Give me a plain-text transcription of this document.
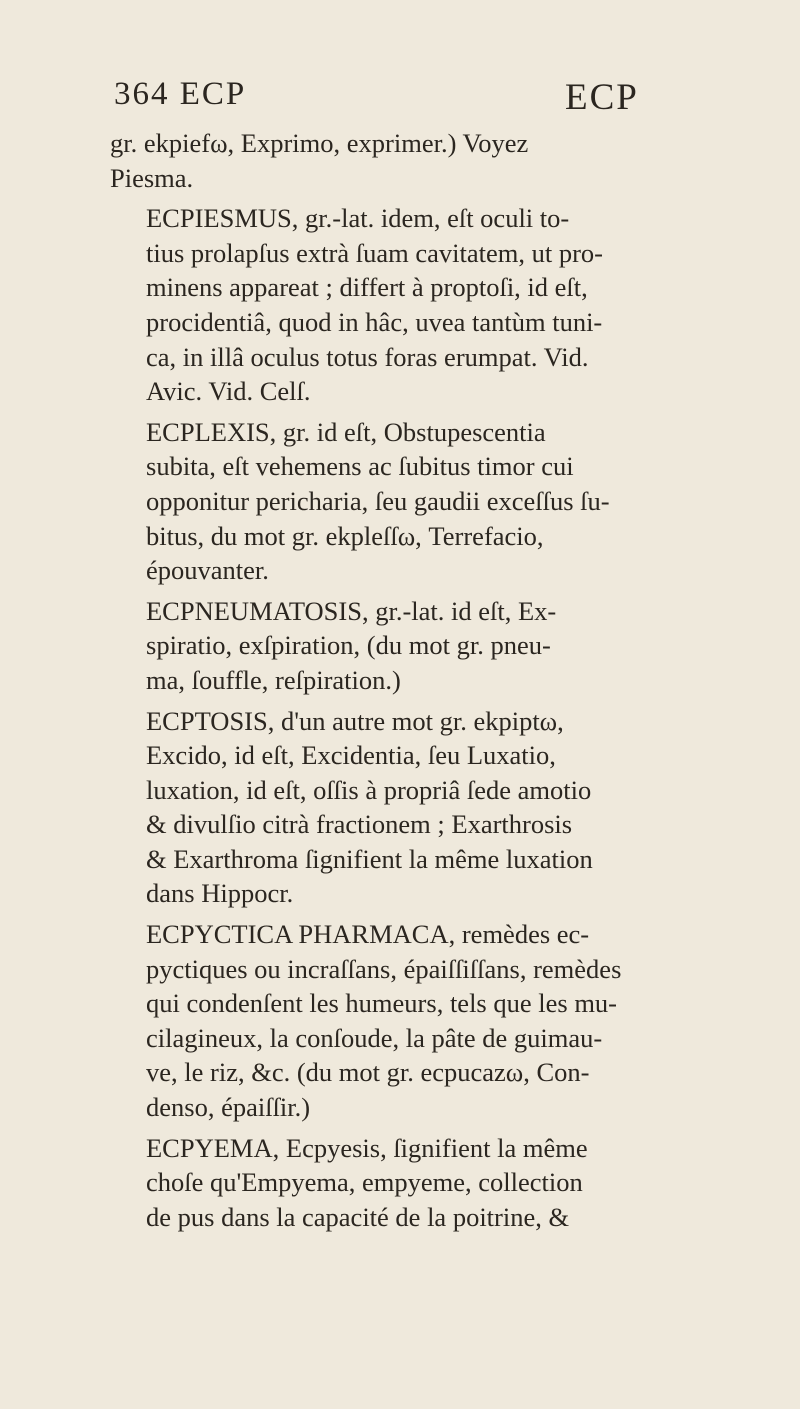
364 ECP	ECP

gr. ekpiefω, Exprimo, exprimer.) Voyez
Piesma.

ECPIESMUS, gr.-lat. idem, eſt oculi to-
tius prolapſus extrà ſuam cavitatem, ut pro-
minens appareat ; differt à proptoſi, id eſt,
procidentiâ, quod in hâc, uvea tantùm tuni-
ca, in illâ oculus totus foras erumpat. Vid.
Avic. Vid. Celſ.

ECPLEXIS, gr. id eſt, Obstupescentia
subita, eſt vehemens ac ſubitus timor cui
opponitur perichariа, ſeu gaudii exceſſus ſu-
bitus, du mot gr. ekpleſſω, Terrefacio,
épouvanter.

ECPNEUMATOSIS, gr.-lat. id eſt, Ex-
spiratio, exſpiration, (du mot gr. pneu-
ma, ſouffle, reſpiration.)

ECPTOSIS, d'un autre mot gr. ekpiptω,
Excido, id eſt, Excidentia, ſeu Luxatio,
luxation, id eſt, oſſis à propriâ ſede amotio
& divulſio citrà fractionem ; Exarthrosis
& Exarthroma ſignifient la même luxation
dans Hippocr.

ECPYCTICA PHARMACA, remèdes ec-
pyctiques ou incraſſans, épaiſſiſſans, remèdes
qui condenſent les humeurs, tels que les mu-
cilagineux, la conſoude, la pâte de guimau-
ve, le riz, &c. (du mot gr. ecpucazω, Con-
denso, épaiſſir.)

ECPYEMA, Ecpyesis, ſignifient la même
choſe qu'Empyema, empyeme, collection
de pus dans la capacité de la poitrine, &
